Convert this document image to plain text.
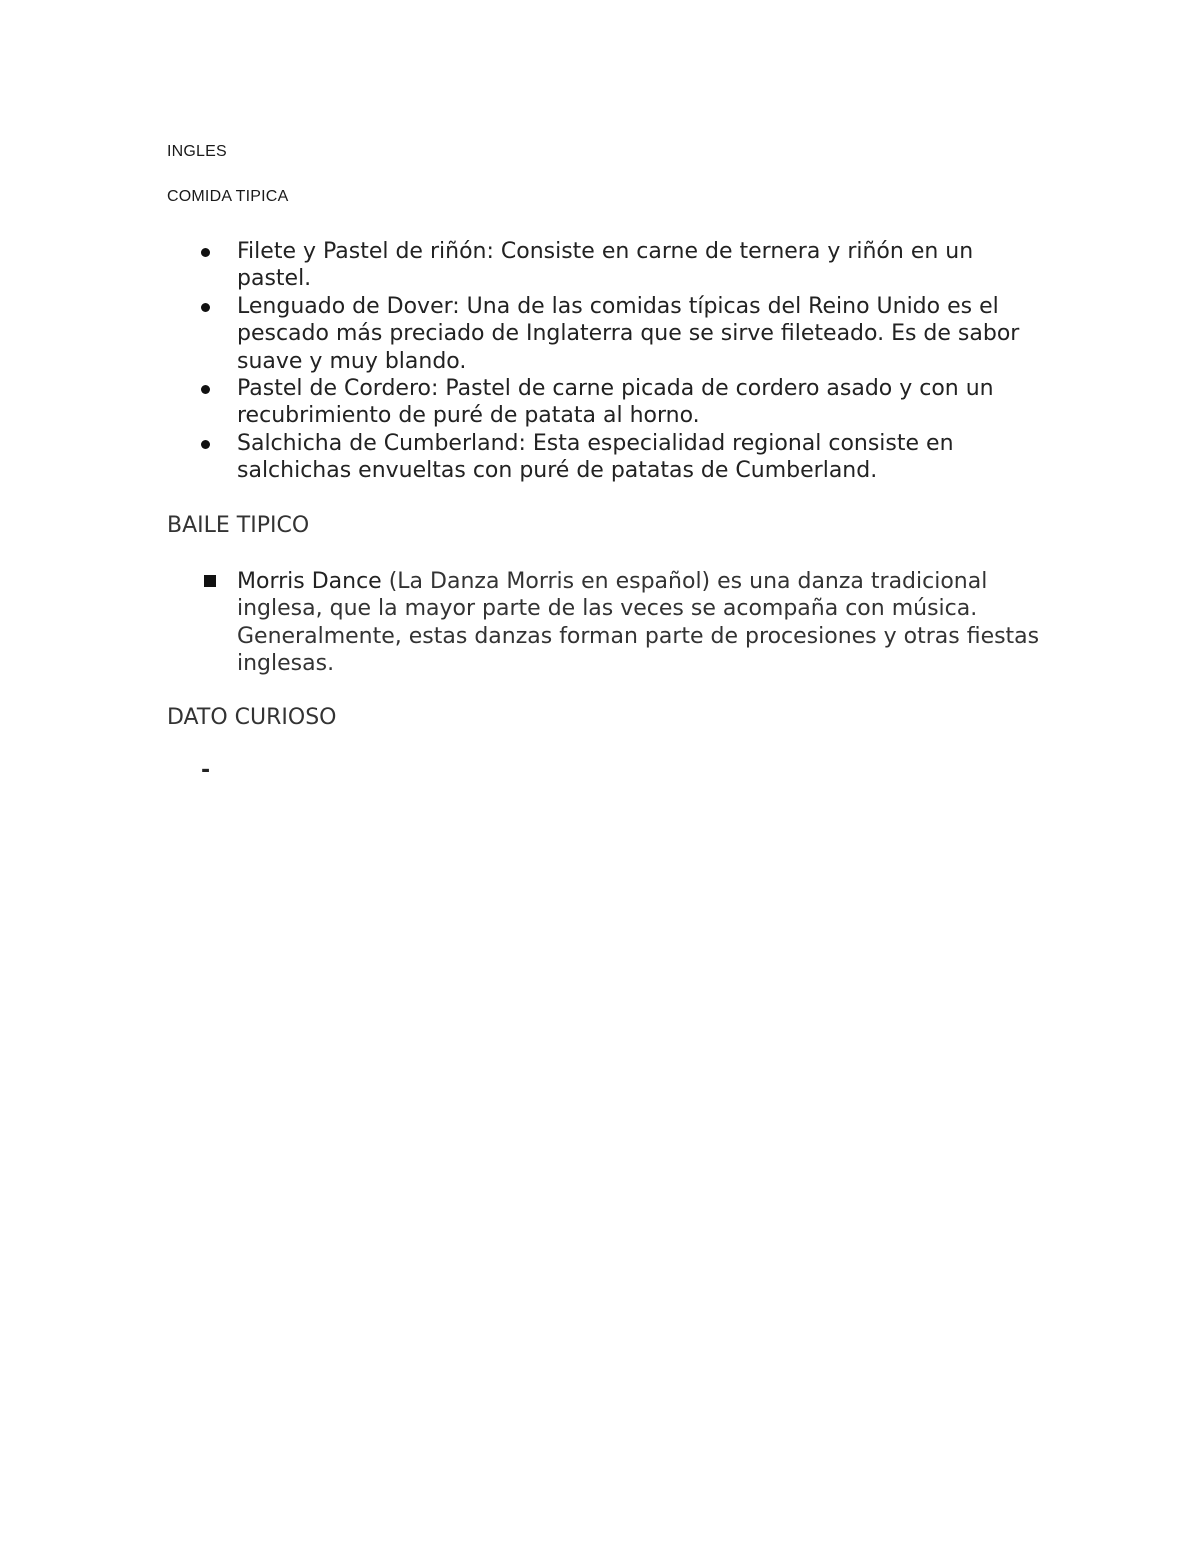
INGLES
COMIDA TIPICA
Filete y Pastel de riñón: Consiste en carne de ternera y riñón en un pastel.
Lenguado de Dover: Una de las comidas típicas del Reino Unido es el pescado más preciado de Inglaterra que se sirve fileteado. Es de sabor suave y muy blando.
Pastel de Cordero: Pastel de carne picada de cordero asado y con un recubrimiento de puré de patata al horno.
Salchicha de Cumberland: Esta especialidad regional consiste en salchichas envueltas con puré de patatas de Cumberland.
BAILE TIPICO
Morris Dance (La Danza Morris en español) es una danza tradicional inglesa, que la mayor parte de las veces se acompaña con música. Generalmente, estas danzas forman parte de procesiones y otras fiestas inglesas.
DATO CURIOSO
-
